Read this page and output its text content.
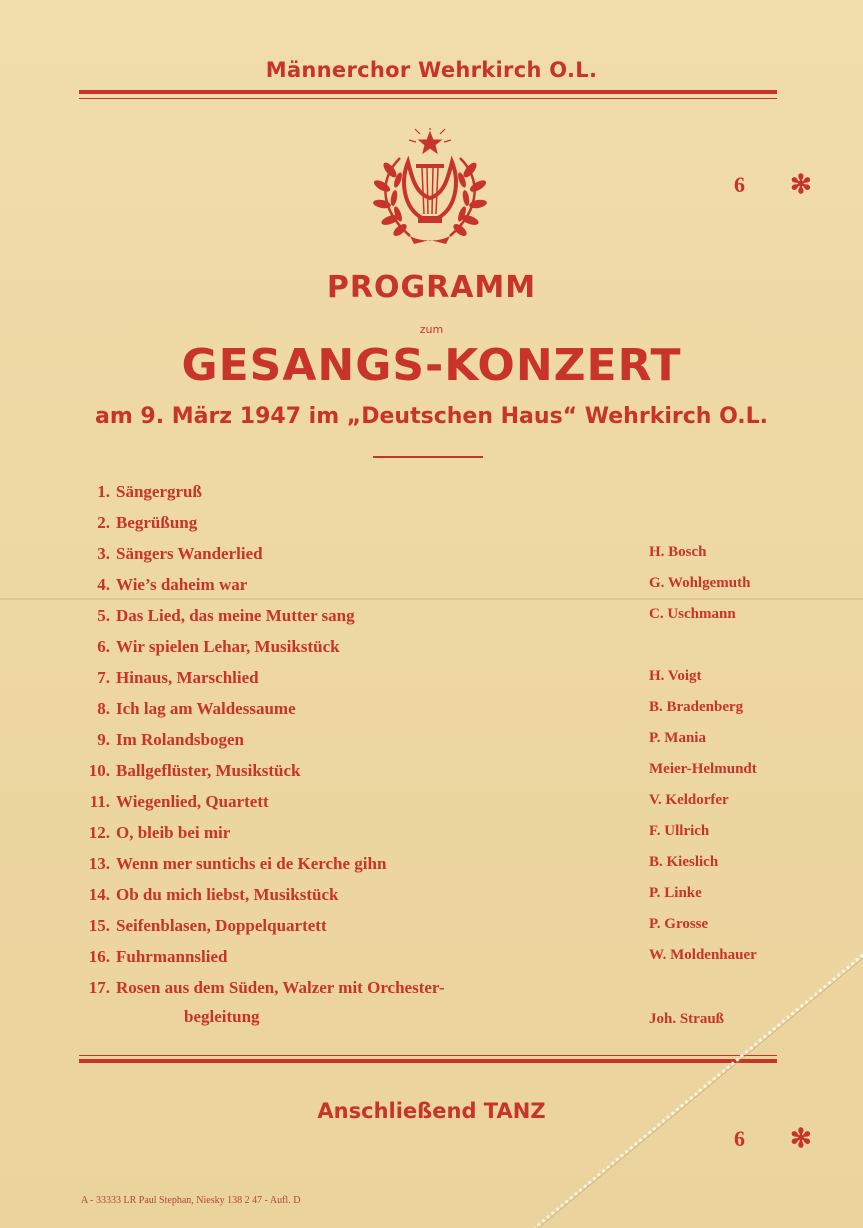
Männerchor Wehrkirch O.L.
6 ✻
PROGRAMM
zum
GESANGS-KONZERT
am 9. März 1947 im „Deutschen Haus“ Wehrkirch O.L.
1. Sängergruß
2. Begrüßung
3. Sängers Wanderlied	H. Bosch
4. Wie’s daheim war	G. Wohlgemuth
5. Das Lied, das meine Mutter sang	C. Uschmann
6. Wir spielen Lehar, Musikstück
7. Hinaus, Marschlied	H. Voigt
8. Ich lag am Waldessaume	B. Bradenberg
9. Im Rolandsbogen	P. Mania
10. Ballgeflüster, Musikstück	Meier-Helmundt
11. Wiegenlied, Quartett	V. Keldorfer
12. O, bleib bei mir	F. Ullrich
13. Wenn mer suntichs ei de Kerche gihn	B. Kieslich
14. Ob du mich liebst, Musikstück	P. Linke
15. Seifenblasen, Doppelquartett	P. Grosse
16. Fuhrmannslied	W. Moldenhauer
17. Rosen aus dem Süden, Walzer mit Orchester-
begleitung	Joh. Strauß
Anschließend TANZ
6 ✻
A - 33333 LR Paul Stephan, Niesky 138 2 47 - Aufl. D
